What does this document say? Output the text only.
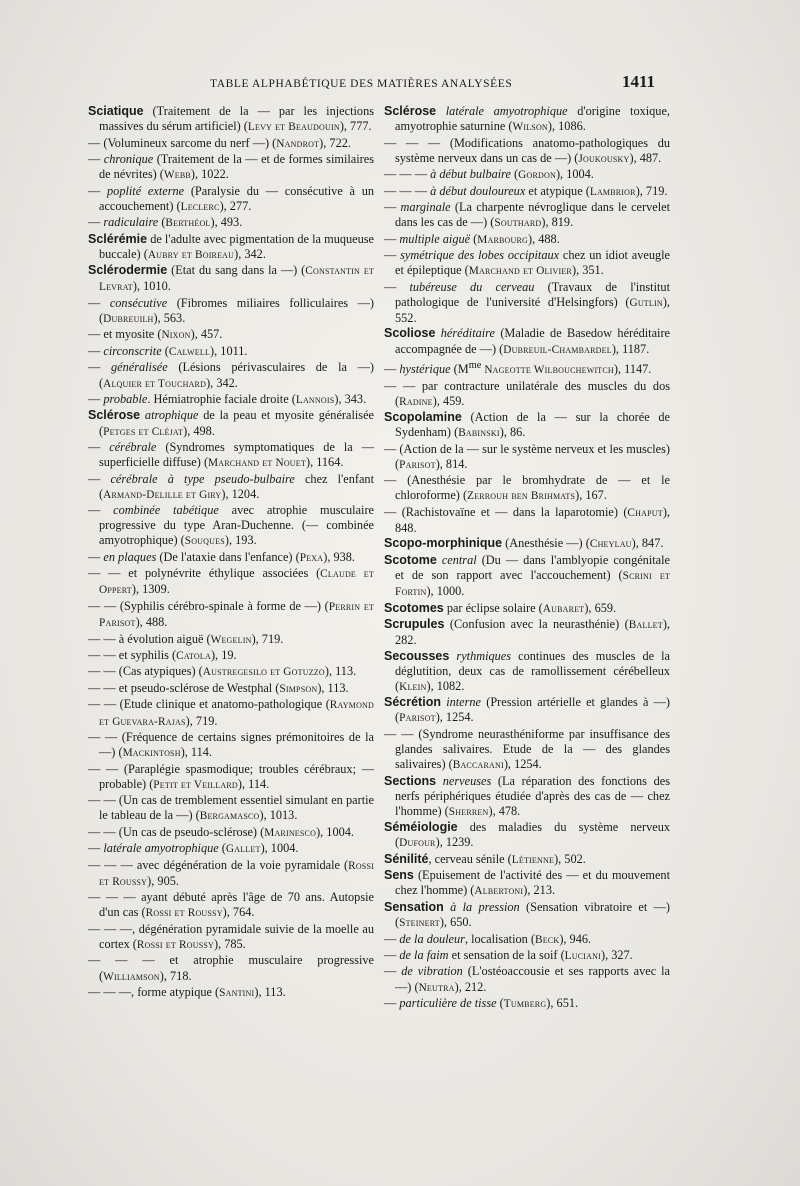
TABLE ALPHABÉTIQUE DES MATIÈRES ANALYSÉES	1411

Sciatique (Traitement de la — par les injections massives du sérum artificiel) (Levy et Beaudouin), 777.

— (Volumineux sarcome du nerf —) (Nandrot), 722.

— chronique (Traitement de la — et de formes similaires de névrites) (Webb), 1022.

— poplité externe (Paralysie du — consécutive à un accouchement) (Leclerc), 277.

— radiculaire (Berthéol), 493.

Sclérémie de l'adulte avec pigmentation de la muqueuse buccale) (Aubry et Boireau), 342.

Sclérodermie (Etat du sang dans la —) (Constantin et Levrat), 1010.

— consécutive (Fibromes miliaires folliculaires —) (Dubreuilh), 563.

— et myosite (Nixon), 457.

— circonscrite (Calwell), 1011.

— généralisée (Lésions périvasculaires de la —) (Alquier et Touchard), 342.

— probable. Hémiatrophie faciale droite (Lannois), 343.

Sclérose atrophique de la peau et myosite généralisée (Petges et Cléjat), 498.

— cérébrale (Syndromes symptomatiques de la — superficielle diffuse) (Marchand et Nouet), 1164.

— cérébrale à type pseudo-bulbaire chez l'enfant (Armand-Delille et Giry), 1204.

— combinée tabétique avec atrophie musculaire progressive du type Aran-Duchenne. (— combinée amyotrophique) (Souques), 193.

— en plaques (De l'ataxie dans l'enfance) (Pexa), 938.

— — et polynévrite éthylique associées (Claude et Oppert), 1309.

— — (Syphilis cérébro-spinale à forme de —) (Perrin et Parisot), 488.

— — à évolution aiguë (Wegelin), 719.

— — et syphilis (Catola), 19.

— — (Cas atypiques) (Austregesilo et Gotuzzo), 113.

— — et pseudo-sclérose de Westphal (Simpson), 113.

— — (Etude clinique et anatomo-pathologique (Raymond et Guevara-Rajas), 719.

— — (Fréquence de certains signes prémonitoires de la —) (Mackintosh), 114.

— — (Paraplégie spasmodique; troubles cérébraux; — probable) (Petit et Veillard), 114.

— — (Un cas de tremblement essentiel simulant en partie le tableau de la —) (Bergamasco), 1013.

— — (Un cas de pseudo-sclérose) (Marinesco), 1004.

— latérale amyotrophique (Gallet), 1004.

— — — avec dégénération de la voie pyramidale (Rossi et Roussy), 905.

— — — ayant débuté après l'âge de 70 ans. Autopsie d'un cas (Rossi et Roussy), 764.

— — —, dégénération pyramidale suivie de la moelle au cortex (Rossi et Roussy), 785.

— — — et atrophie musculaire progressive (Williamson), 718.

— — —, forme atypique (Santini), 113.

Sclérose latérale amyotrophique d'origine toxique, amyotrophie saturnine (Wilson), 1086.

— — — (Modifications anatomo-pathologiques du système nerveux dans un cas de —) (Joukousky), 487.

— — — à début bulbaire (Gordon), 1004.

— — — à début douloureux et atypique (Lambrior), 719.

— marginale (La charpente névroglique dans le cervelet dans les cas de —) (Southard), 819.

— multiple aiguë (Marbourg), 488.

— symétrique des lobes occipitaux chez un idiot aveugle et épileptique (Marchand et Olivier), 351.

— tubéreuse du cerveau (Travaux de l'institut pathologique de l'université d'Helsingfors) (Gutlin), 552.

Scoliose héréditaire (Maladie de Basedow héréditaire accompagnée de —) (Dubreuil-Chambardel), 1187.

— hystérique ($M^{me}$ Nageotte Wilbouchewitch), 1147.

— — par contracture unilatérale des muscles du dos (Radine), 459.

Scopolamine (Action de la — sur la chorée de Sydenham) (Babinski), 86.

— (Action de la — sur le système nerveux et les muscles) (Parisot), 814.

— (Anesthésie par le bromhydrate de — et le chloroforme) (Zerrouh ben Brihmats), 167.

— (Rachistovaïne et — dans la laparotomie) (Chaput), 848.

Scopo-morphinique (Anesthésie —) (Cheylau), 847.

Scotome central (Du — dans l'amblyopie congénitale et de son rapport avec l'accouchement) (Scrini et Fortin), 1000.

Scotomes par éclipse solaire (Aubaret), 659.

Scrupules (Confusion avec la neurasthénie) (Ballet), 282.

Secousses rythmiques continues des muscles de la déglutition, deux cas de ramollissement cérébelleux (Klein), 1082.

Sécrétion interne (Pression artérielle et glandes à —) (Parisot), 1254.

— — (Syndrome neurasthéniforme par insuffisance des glandes salivaires. Etude de la — des glandes salivaires) (Baccarani), 1254.

Sections nerveuses (La réparation des fonctions des nerfs périphériques étudiée d'après des cas de — chez l'homme) (Sherren), 478.

Séméiologie des maladies du système nerveux (Dufour), 1239.

Sénilité, cerveau sénile (Létienne), 502.

Sens (Epuisement de l'activité des — et du mouvement chez l'homme) (Albertoni), 213.

Sensation à la pression (Sensation vibratoire et —) (Steinert), 650.

— de la douleur, localisation (Beck), 946.

— de la faim et sensation de la soif (Luciani), 327.

— de vibration (L'ostéoaccousie et ses rapports avec la —) (Neutra), 212.

— particulière de tisse (Tumberg), 651.
